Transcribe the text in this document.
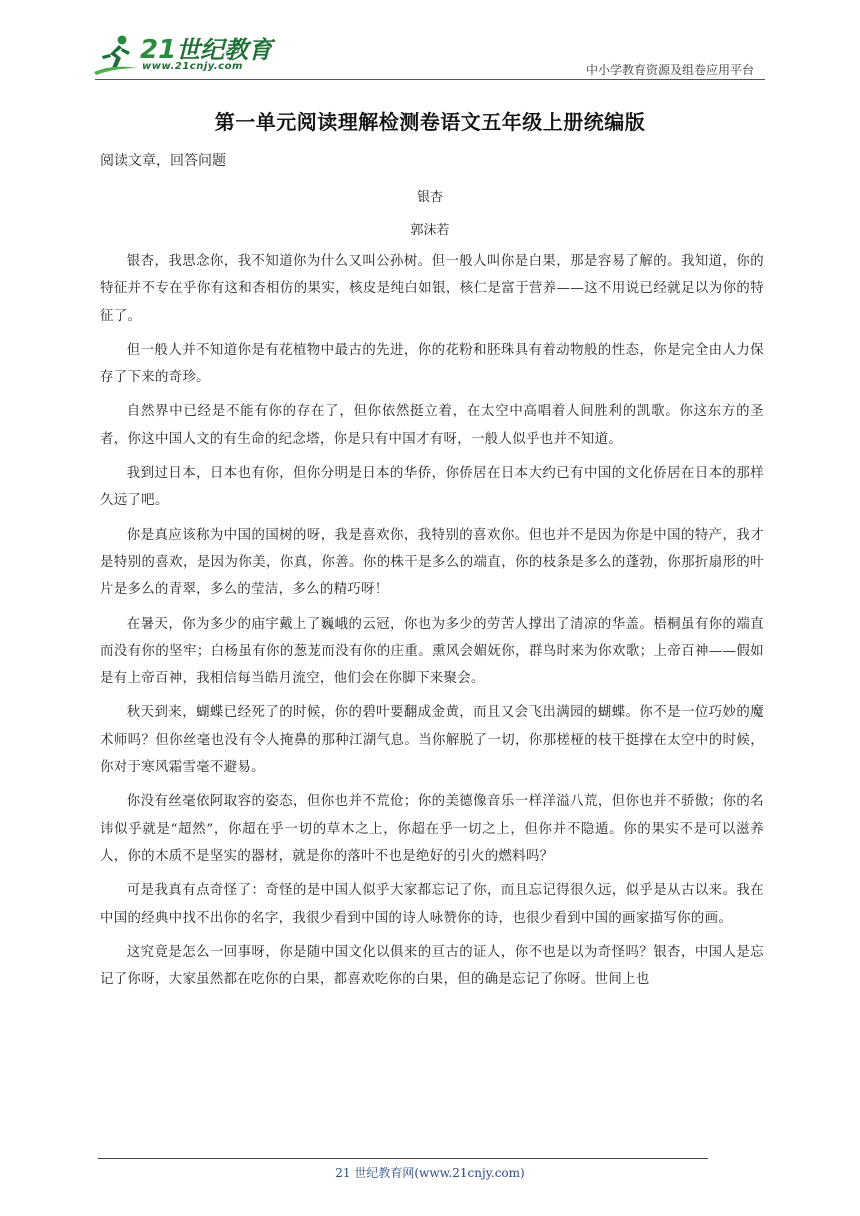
21世纪教育
www.21cnjy.com	中小学教育资源及组卷应用平台
第一单元阅读理解检测卷语文五年级上册统编版
阅读文章，回答问题
银杏
郭沫若

银杏，我思念你，我不知道你为什么又叫公孙树。但一般人叫你是白果，那是容易了解的。我知道，你的特征并不专在乎你有这和杏相仿的果实，核皮是纯白如银，核仁是富于营养——这不用说已经就足以为你的特征了。

但一般人并不知道你是有花植物中最古的先进，你的花粉和胚珠具有着动物般的性态，你是完全由人力保存了下来的奇珍。

自然界中已经是不能有你的存在了，但你依然挺立着，在太空中高唱着人间胜利的凯歌。你这东方的圣者，你这中国人文的有生命的纪念塔，你是只有中国才有呀，一般人似乎也并不知道。

我到过日本，日本也有你，但你分明是日本的华侨，你侨居在日本大约已有中国的文化侨居在日本的那样久远了吧。

你是真应该称为中国的国树的呀，我是喜欢你，我特别的喜欢你。但也并不是因为你是中国的特产，我才是特别的喜欢，是因为你美，你真，你善。你的株干是多么的端直，你的枝条是多么的蓬勃，你那折扇形的叶片是多么的青翠，多么的莹洁，多么的精巧呀！

在暑天，你为多少的庙宇戴上了巍峨的云冠，你也为多少的劳苦人撑出了清凉的华盖。梧桐虽有你的端直而没有你的坚牢；白杨虽有你的葱茏而没有你的庄重。熏风会媚妩你，群鸟时来为你欢歌；上帝百神——假如是有上帝百神，我相信每当皓月流空，他们会在你脚下来聚会。

秋天到来，蝴蝶已经死了的时候，你的碧叶要翻成金黄，而且又会飞出满园的蝴蝶。你不是一位巧妙的魔术师吗？但你丝毫也没有令人掩鼻的那种江湖气息。当你解脱了一切，你那槎桠的枝干挺撑在太空中的时候，你对于寒风霜雪毫不避易。

你没有丝毫依阿取容的姿态，但你也并不荒伧；你的美德像音乐一样洋溢八荒，但你也并不骄傲；你的名讳似乎就是“超然”，你超在乎一切的草木之上，你超在乎一切之上，但你并不隐遁。你的果实不是可以滋养人，你的木质不是坚实的器材，就是你的落叶不也是绝好的引火的燃料吗？

可是我真有点奇怪了：奇怪的是中国人似乎大家都忘记了你，而且忘记得很久远，似乎是从古以来。我在中国的经典中找不出你的名字，我很少看到中国的诗人咏赞你的诗，也很少看到中国的画家描写你的画。

这究竟是怎么一回事呀，你是随中国文化以俱来的亘古的证人，你不也是以为奇怪吗？银杏，中国人是忘记了你呀，大家虽然都在吃你的白果，都喜欢吃你的白果，但的确是忘记了你呀。世间上也

21 世纪教育网(www.21cnjy.com)
